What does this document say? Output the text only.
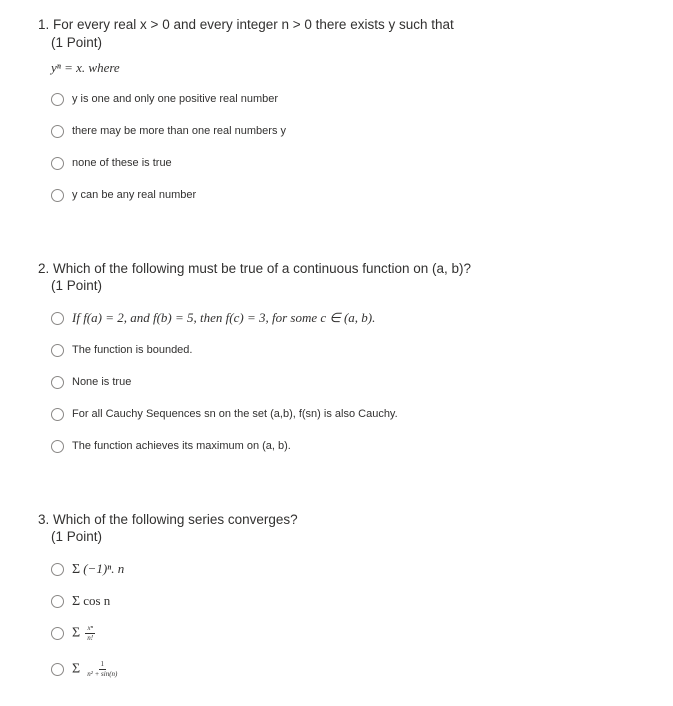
1. For every real x > 0 and every integer n > 0 there exists y such that
(1 Point)
yⁿ = x. where
y is one and only one positive real number
there may be more than one real numbers y
none of these is true
y can be any real number
2. Which of the following must be true of a continuous function on (a, b)?
(1 Point)
If f(a) = 2, and f(b) = 5, then f(c) = 3, for some c ∈ (a, b).
The function is bounded.
None is true
For all Cauchy Sequences sn on the set (a,b), f(sn) is also Cauchy.
The function achieves its maximum on (a, b).
3. Which of the following series converges?
(1 Point)
Σ (−1)ⁿ. n
Σ cos n
Σ $\frac{\text{xⁿ}}{n!}$
Σ $\frac{1}{\text{n² + sin(n)}}$
